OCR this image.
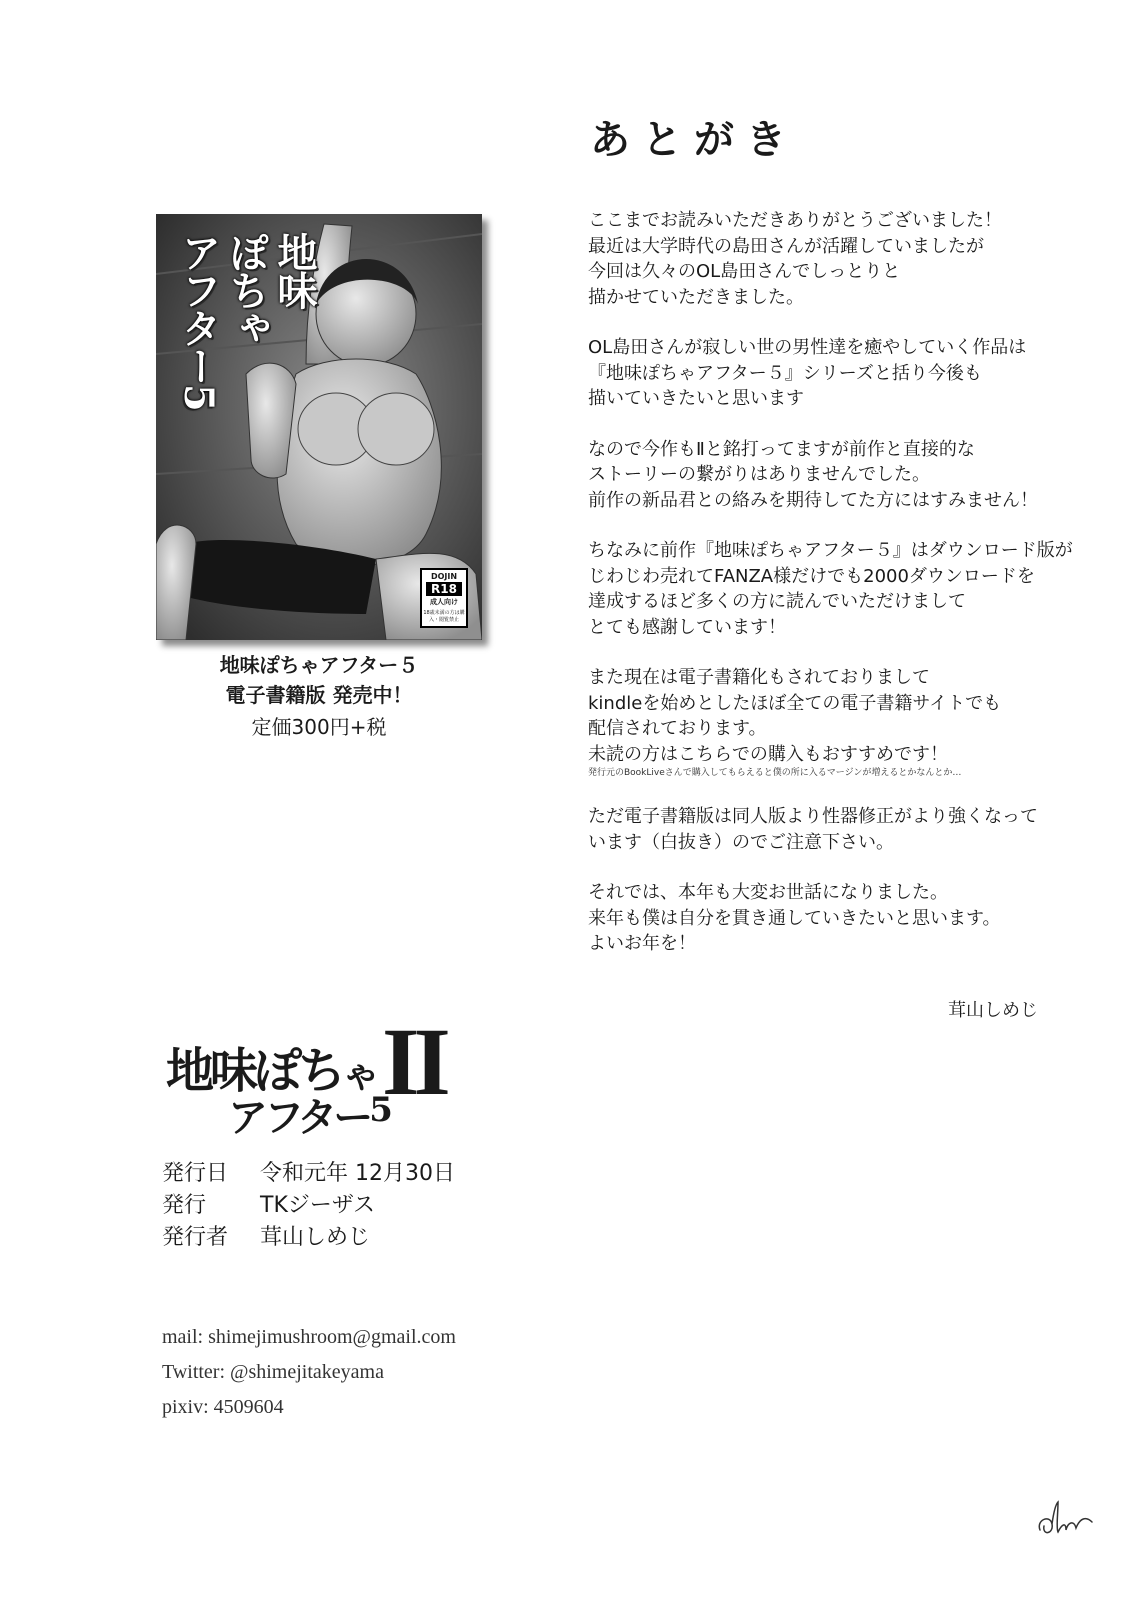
あとがき
ここまでお読みいただきありがとうございました！
最近は大学時代の島田さんが活躍していましたが
今回は久々のOL島田さんでしっとりと
描かせていただきました。
OL島田さんが寂しい世の男性達を癒やしていく作品は
『地味ぽちゃアフター５』シリーズと括り今後も
描いていきたいと思います
なので今作もⅡと銘打ってますが前作と直接的な
ストーリーの繋がりはありませんでした。
前作の新品君との絡みを期待してた方にはすみません！
ちなみに前作『地味ぽちゃアフター５』はダウンロード版が
じわじわ売れてFANZA様だけでも2000ダウンロードを
達成するほど多くの方に読んでいただけまして
とても感謝しています！
また現在は電子書籍化もされておりまして
kindleを始めとしたほぼ全ての電子書籍サイトでも
配信されております。
未読の方はこちらでの購入もおすすめです！
発行元のBookLiveさんで購入してもらえると僕の所に入るマージンが増えるとかなんとか…
ただ電子書籍版は同人版より性器修正がより強くなって
います（白抜き）のでご注意下さい。
それでは、本年も大変お世話になりました。
来年も僕は自分を貫き通していきたいと思います。
よいお年を！
茸山しめじ
地味
ぽちゃ
アフター5
DOJIN
R18
成人向け
18歳未満の方は購入・閲覧禁止
地味ぽちゃアフター５
電子書籍版 発売中！
定価300円+税
II
地味ぽちゃ
アフター$^5$
発行日	令和元年 12月30日
発行	TKジーザス
発行者	茸山しめじ
mail: shimejimushroom@gmail.com
Twitter: @shimejitakeyama
pixiv: 4509604
